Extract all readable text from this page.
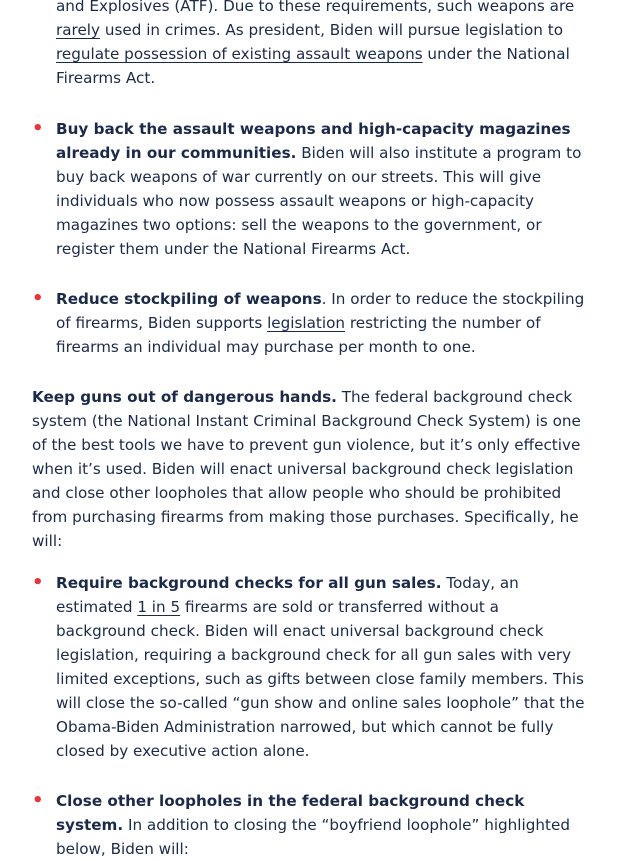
and Explosives (ATF). Due to these requirements, such weapons are rarely used in crimes. As president, Biden will pursue legislation to regulate possession of existing assault weapons under the National Firearms Act.

• Buy back the assault weapons and high-capacity magazines already in our communities. Biden will also institute a program to buy back weapons of war currently on our streets. This will give individuals who now possess assault weapons or high-capacity magazines two options: sell the weapons to the government, or register them under the National Firearms Act.

• Reduce stockpiling of weapons. In order to reduce the stockpiling of firearms, Biden supports legislation restricting the number of firearms an individual may purchase per month to one.

Keep guns out of dangerous hands. The federal background check system (the National Instant Criminal Background Check System) is one of the best tools we have to prevent gun violence, but it’s only effective when it’s used. Biden will enact universal background check legislation and close other loopholes that allow people who should be prohibited from purchasing firearms from making those purchases. Specifically, he will:

• Require background checks for all gun sales. Today, an estimated 1 in 5 firearms are sold or transferred without a background check. Biden will enact universal background check legislation, requiring a background check for all gun sales with very limited exceptions, such as gifts between close family members. This will close the so-called “gun show and online sales loophole” that the Obama-Biden Administration narrowed, but which cannot be fully closed by executive action alone.

• Close other loopholes in the federal background check system. In addition to closing the “boyfriend loophole” highlighted below, Biden will:
